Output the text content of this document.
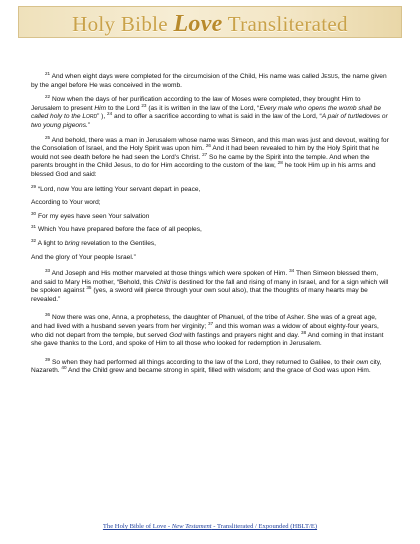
Holy Bible Love Transliterated

$^{21}$ And when eight days were completed for the circumcision of the Child, His name was called Jesus, the name given by the angel before He was conceived in the womb.

$^{22}$ Now when the days of her purification according to the law of Moses were completed, they brought Him to Jerusalem to present Him to the Lord $^{23}$ (as it is written in the law of the Lord, “Every male who opens the womb shall be called holy to the Lord” ), $^{24}$ and to offer a sacrifice according to what is said in the law of the Lord, “A pair of turtledoves or two young pigeons.”

$^{25}$ And behold, there was a man in Jerusalem whose name was Simeon, and this man was just and devout, waiting for the Consolation of Israel, and the Holy Spirit was upon him. $^{26}$ And it had been revealed to him by the Holy Spirit that he would not see death before he had seen the Lord’s Christ. $^{27}$ So he came by the Spirit into the temple. And when the parents brought in the Child Jesus, to do for Him according to the custom of the law, $^{28}$ he took Him up in his arms and blessed God and said:

$^{29}$ “Lord, now You are letting Your servant depart in peace,

According to Your word;

$^{30}$ For my eyes have seen Your salvation

$^{31}$ Which You have prepared before the face of all peoples,

$^{32}$ A light to bring revelation to the Gentiles,

And the glory of Your people Israel.”

$^{33}$ And Joseph and His mother marveled at those things which were spoken of Him. $^{34}$ Then Simeon blessed them, and said to Mary His mother, “Behold, this Child is destined for the fall and rising of many in Israel, and for a sign which will be spoken against $^{35}$ (yes, a sword will pierce through your own soul also), that the thoughts of many hearts may be revealed.”

$^{36}$ Now there was one, Anna, a prophetess, the daughter of Phanuel, of the tribe of Asher. She was of a great age, and had lived with a husband seven years from her virginity; $^{37}$ and this woman was a widow of about eighty-four years, who did not depart from the temple, but served God with fastings and prayers night and day. $^{38}$ And coming in that instant she gave thanks to the Lord, and spoke of Him to all those who looked for redemption in Jerusalem.

$^{39}$ So when they had performed all things according to the law of the Lord, they returned to Galilee, to their own city, Nazareth. $^{40}$ And the Child grew and became strong in spirit, filled with wisdom; and the grace of God was upon Him.

The Holy Bible of Love - New Testament - Transliterated / Expounded (HBLT/E)
